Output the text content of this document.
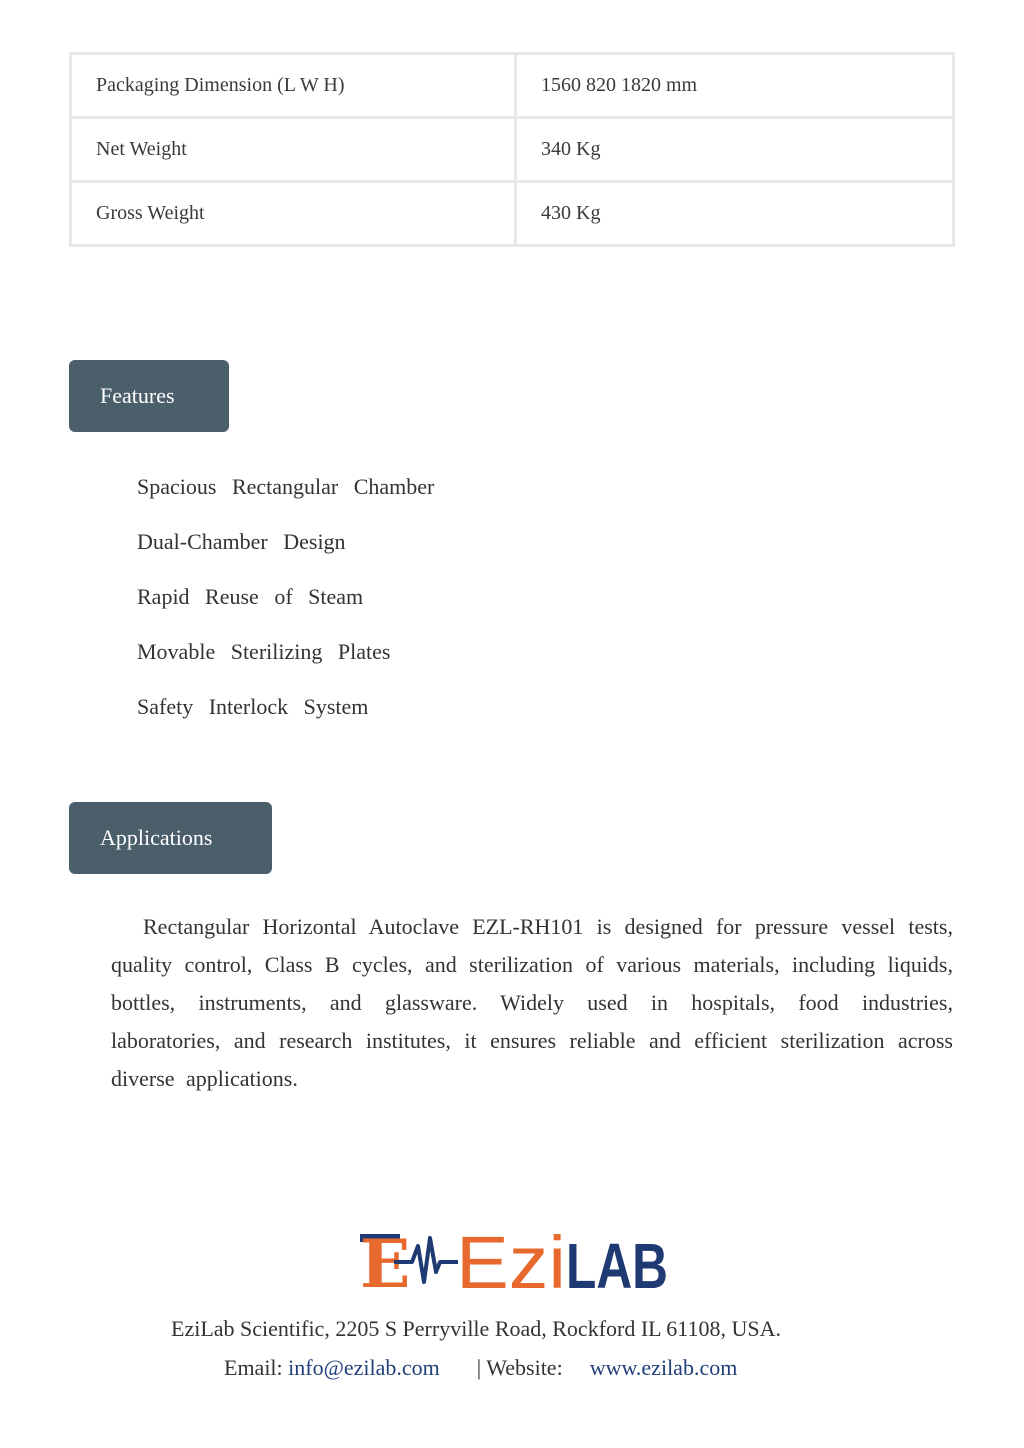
Packaging Dimension (L W H)	1560 820 1820 mm
Net Weight	340 Kg
Gross Weight	430 Kg
Features
Spacious Rectangular Chamber
Dual-Chamber Design
Rapid Reuse of Steam
Movable Sterilizing Plates
Safety Interlock System
Applications

Rectangular Horizontal Autoclave EZL-RH101 is designed for pressure vessel tests, quality control, Class B cycles, and sterilization of various materials, including liquids, bottles, instruments, and glassware. Widely used in hospitals, food industries, laboratories, and research institutes, it ensures reliable and efficient sterilization across diverse applications.

E Ezi LAB
EziLab Scientific, 2205 S Perryville Road, Rockford IL 61108, USA.
Email: info@ezilab.com | Website: www.ezilab.com
